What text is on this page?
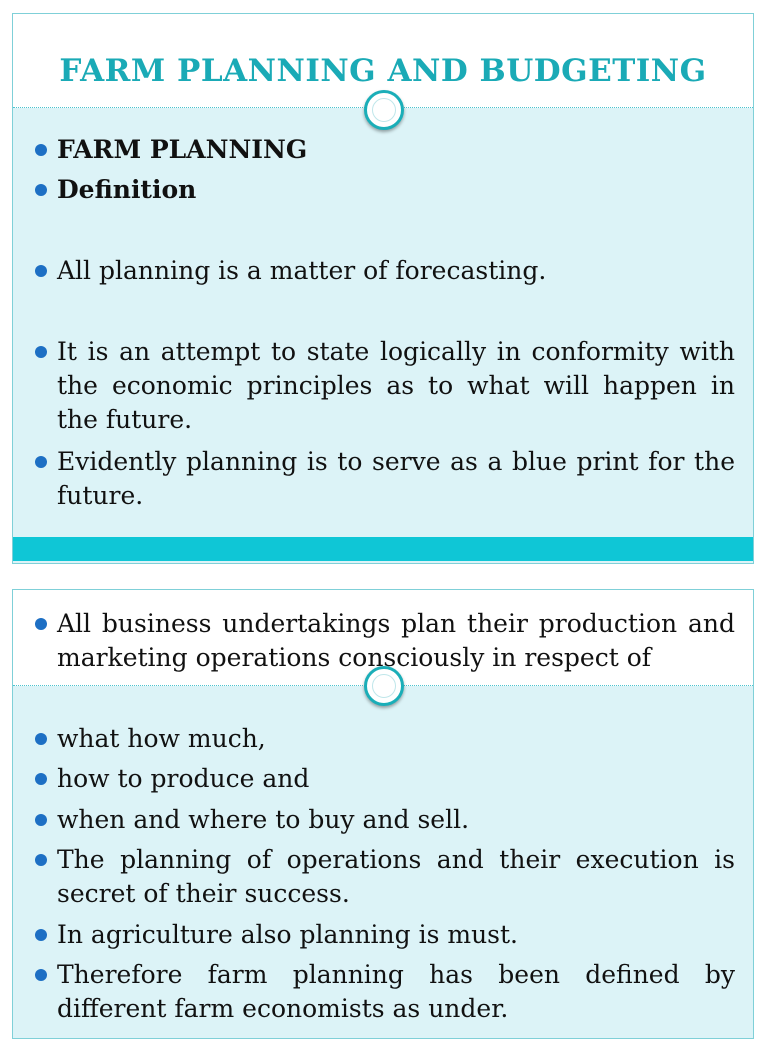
FARM PLANNING AND BUDGETING
FARM PLANNING
Definition
All planning is a matter of forecasting.
It is an attempt to state logically in conformity with the economic principles as to what will happen in the future.
Evidently planning is to serve as a blue print for the future.
All business undertakings plan their production and marketing operations consciously in respect of
what how much,
how to produce and
when and where to buy and sell.
The planning of operations and their execution is secret of their success.
In agriculture also planning is must.
Therefore farm planning has been defined by different farm economists as under.
